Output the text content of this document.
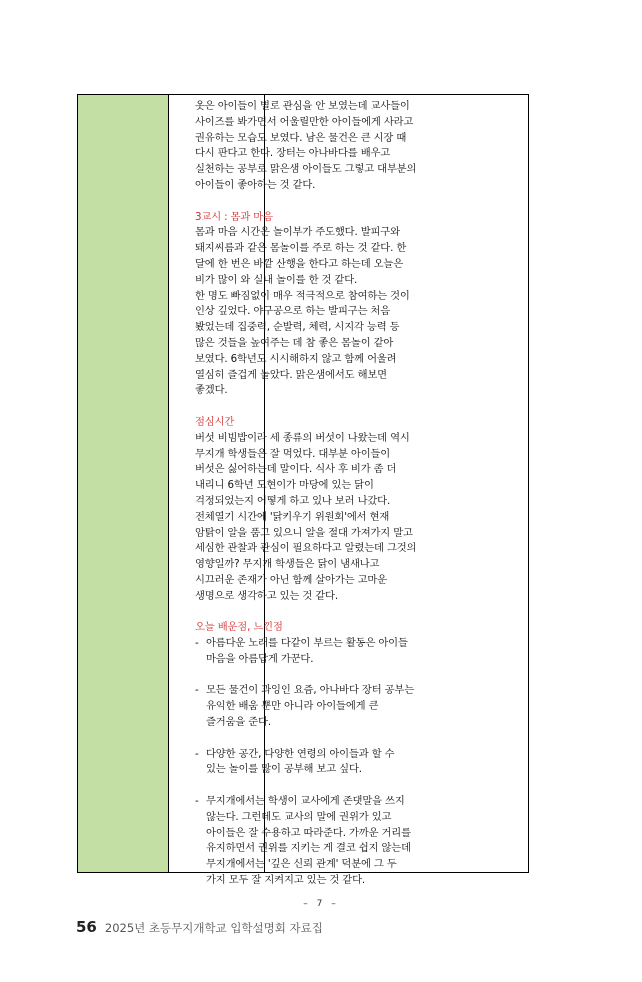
옷은 아이들이 별로 관심을 안 보였는데 교사들이

사이즈를 봐가면서 어울릴만한 아이들에게 사라고

권유하는 모습도 보였다. 남은 물건은 큰 시장 때

다시 판다고 한다. 장터는 아나바다를 배우고

실천하는 공부로 맑은샘 아이들도 그렇고 대부분의

아이들이 좋아하는 것 같다.

3교시 : 몸과 마음

몸과 마음 시간은 놀이부가 주도했다. 발피구와

돼지씨름과 같은 몸놀이를 주로 하는 것 같다. 한

달에 한 번은 바깥 산행을 한다고 하는데 오늘은

비가 많이 와 실내 놀이를 한 것 같다.

한 명도 빠짐없이 매우 적극적으로 참여하는 것이

인상 깊었다. 야구공으로 하는 발피구는 처음

봤었는데 집중력, 순발력, 체력, 시지각 능력 등

많은 것들을 높여주는 데 참 좋은 몸놀이 같아

보였다. 6학년도 시시해하지 않고 함께 어울려

열심히 즐겁게 놀았다. 맑은샘에서도 해보면

좋겠다.

점심시간

버섯 비빔밥이라 세 종류의 버섯이 나왔는데 역시

무지개 학생들은 잘 먹었다. 대부분 아이들이

버섯은 싫어하는데 말이다. 식사 후 비가 좀 더

내리니 6학년 도현이가 마당에 있는 닭이

걱정되었는지 어떻게 하고 있나 보러 나갔다.

전체열기 시간에 '닭키우기 위원회'에서 현재

암탉이 알을 품고 있으니 알을 절대 가져가지 말고

세심한 관찰과 관심이 필요하다고 알렸는데 그것의

영향일까? 무지개 학생들은 닭이 냄새나고

시끄러운 존재가 아닌 함께 살아가는 고마운

생명으로 생각하고 있는 것 같다.

오늘 배운점, 느낀점

- 아름다운 노래를 다같이 부르는 활동은 아이들

마음을 아름답게 가꾼다.

- 모든 물건이 과잉인 요즘, 아나바다 장터 공부는

유익한 배움 뿐만 아니라 아이들에게 큰

즐거움을 준다.

- 다양한 공간, 다양한 연령의 아이들과 할 수

있는 놀이를 많이 공부해 보고 싶다.

- 무지개에서는 학생이 교사에게 존댓말을 쓰지

않는다. 그런데도 교사의 말에 권위가 있고

아이들은 잘 수용하고 따라준다. 가까운 거리를

유지하면서 권위를 지키는 게 결코 쉽지 않는데

무지개에서는 '깊은 신뢰 관계' 덕분에 그 두

가지 모두 잘 지켜지고 있는 것 같다.

– 7 –
56 2025년 초등무지개학교 입학설명회 자료집
